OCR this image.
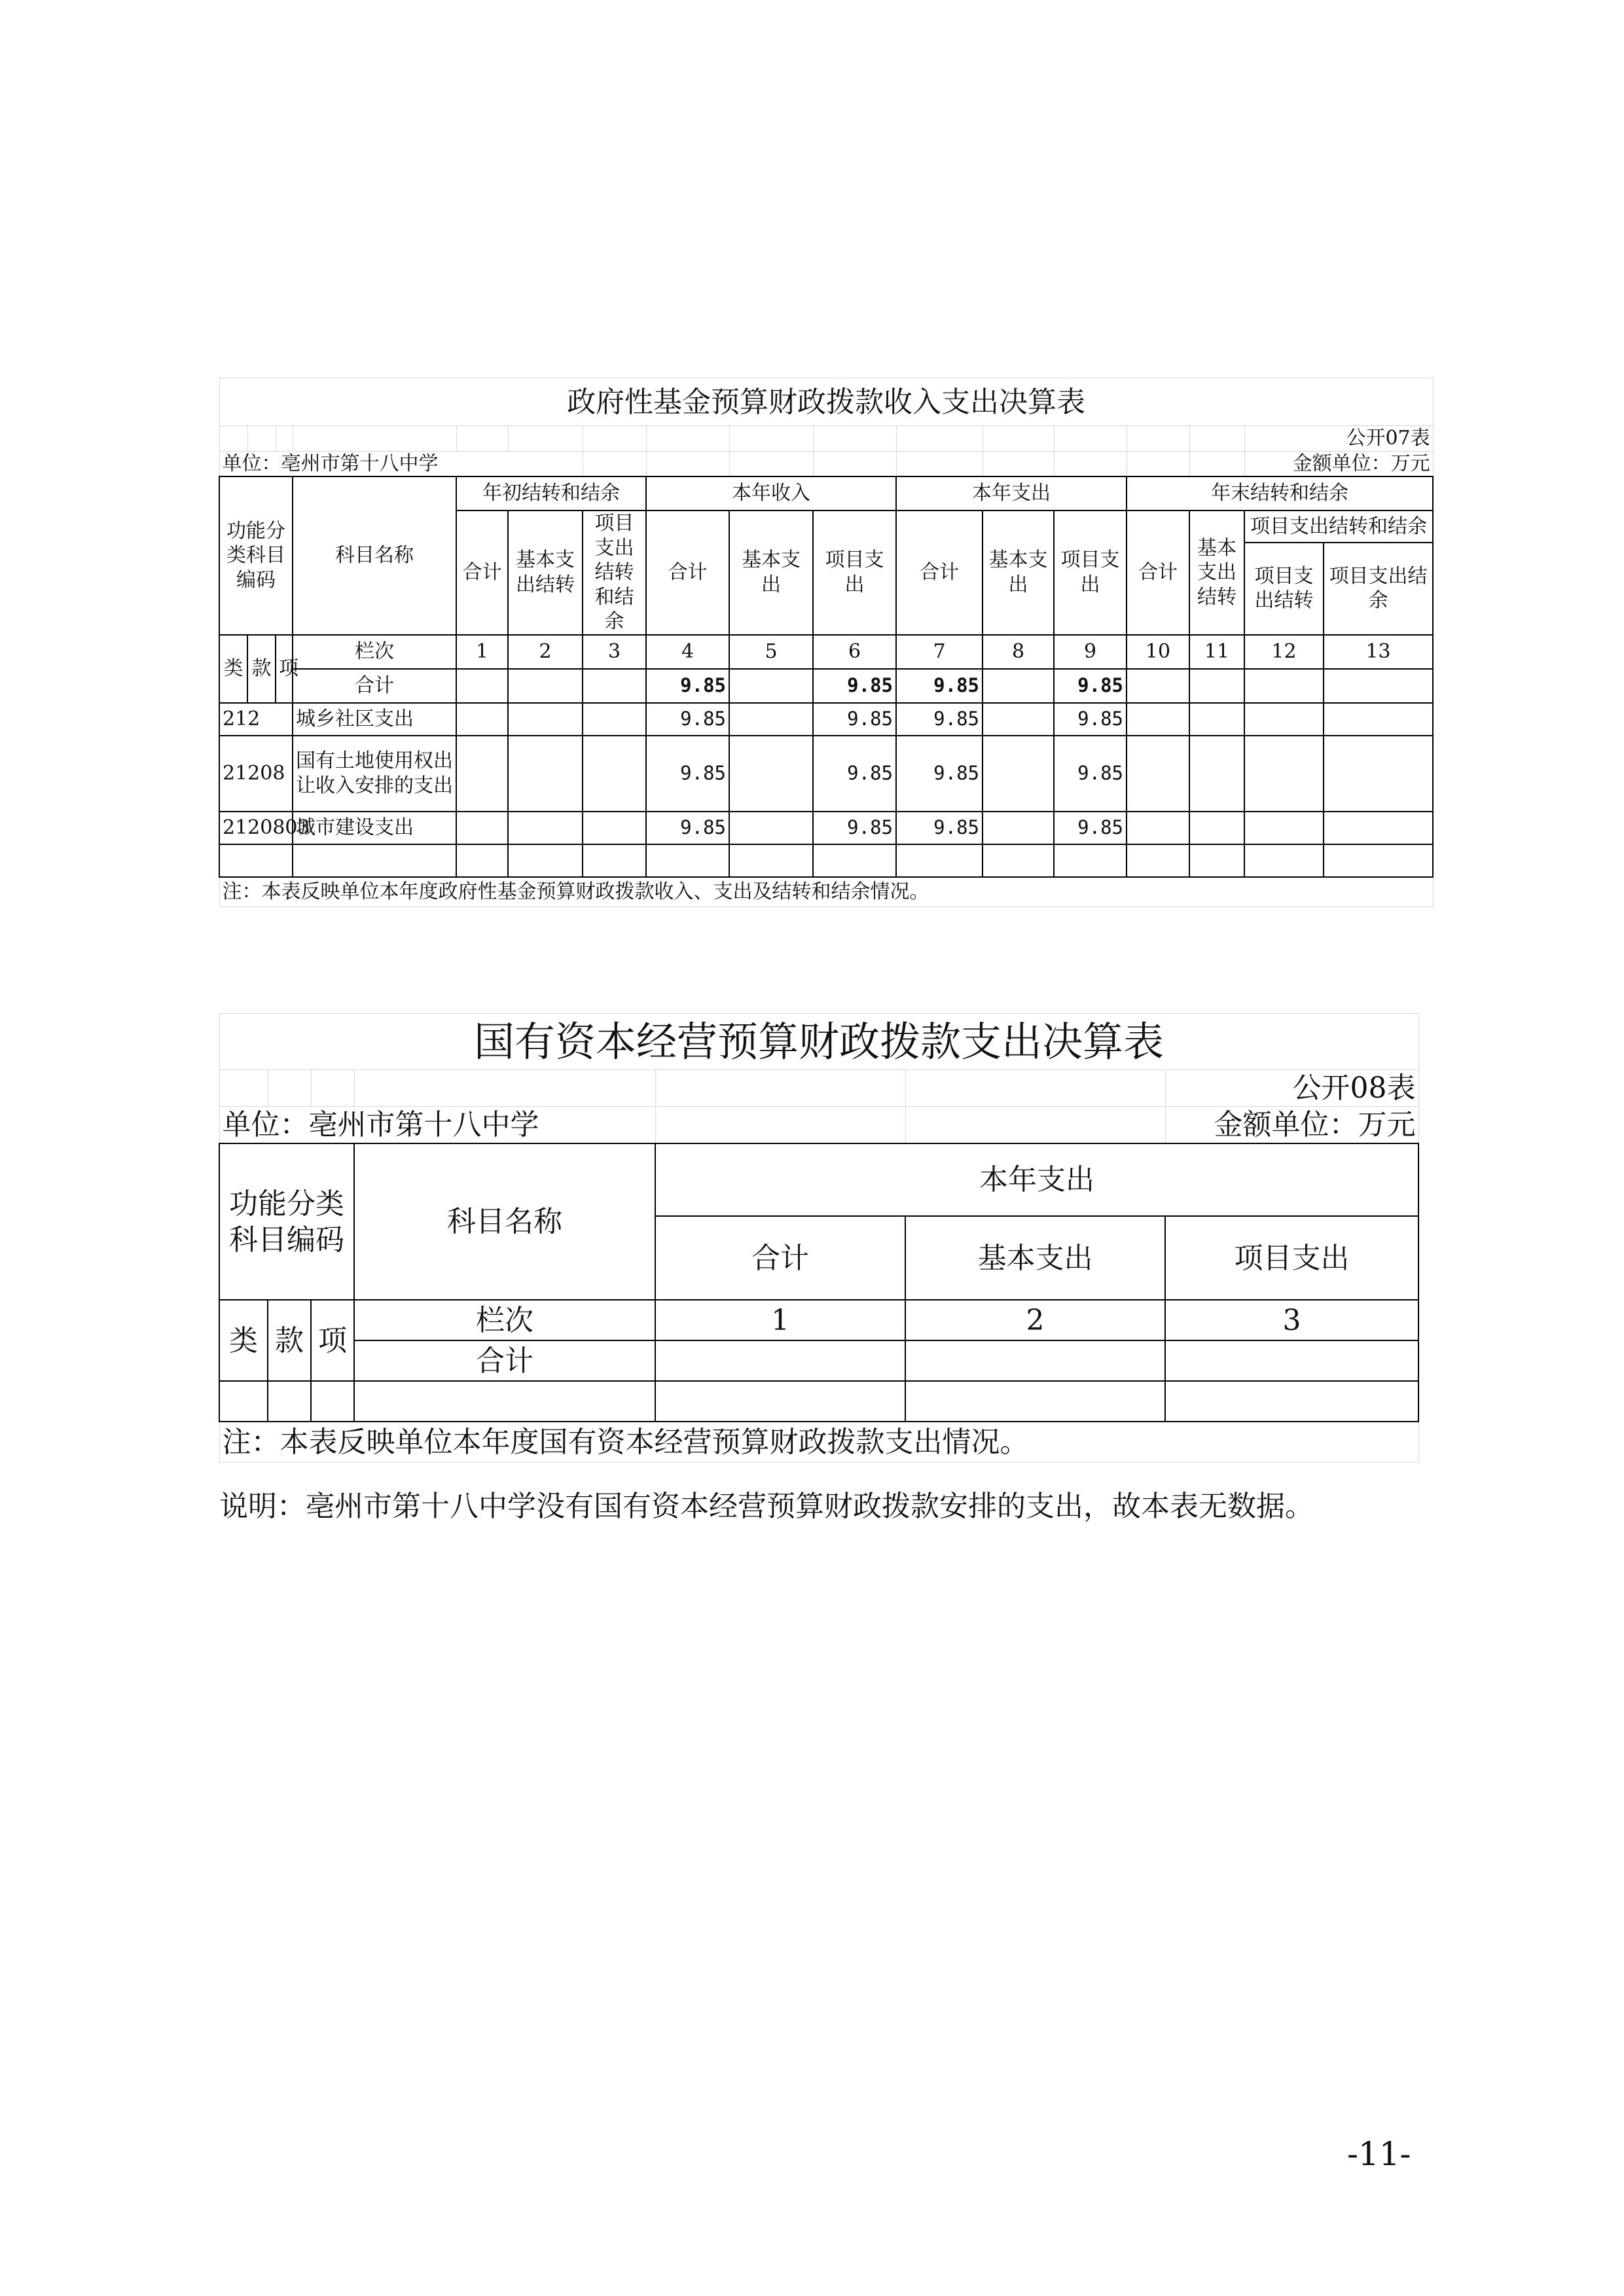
政府性基金预算财政拨款收入支出决算表																
															公开07表	
单位：亳州市第十八中学															金额单位：万元	
功能分类科目编码			科目名称	年初结转和结余			本年收入			本年支出			年末结转和结余			
				合计	基本支出结转	项目支出结转和结余	合计	基本支出	项目支出	合计	基本支出	项目支出	合计	基本支出结转	项目支出结转和结余	
															项目支出结转	项目支出结余
类	款	项	栏次	1	2	3	4	5	6	7	8	9	10	11	12	13
			合计				9.85		9.85	9.85		9.85				
212			城乡社区支出				9.85		9.85	9.85		9.85				
21208			国有土地使用权出让收入安排的支出				9.85		9.85	9.85		9.85				
2120803			城市建设支出				9.85		9.85	9.85		9.85				

注：本表反映单位本年度政府性基金预算财政拨款收入、支出及结转和结余情况。																
国有资本经营预算财政拨款支出决算表						
						公开08表
单位：亳州市第十八中学						金额单位：万元
功能分类科目编码			科目名称	本年支出		
				合计	基本支出	项目支出
类	款	项	栏次	1	2	3
			合计			

注：本表反映单位本年度国有资本经营预算财政拨款支出情况。						
说明：亳州市第十八中学没有国有资本经营预算财政拨款安排的支出，故本表无数据。
-11-
